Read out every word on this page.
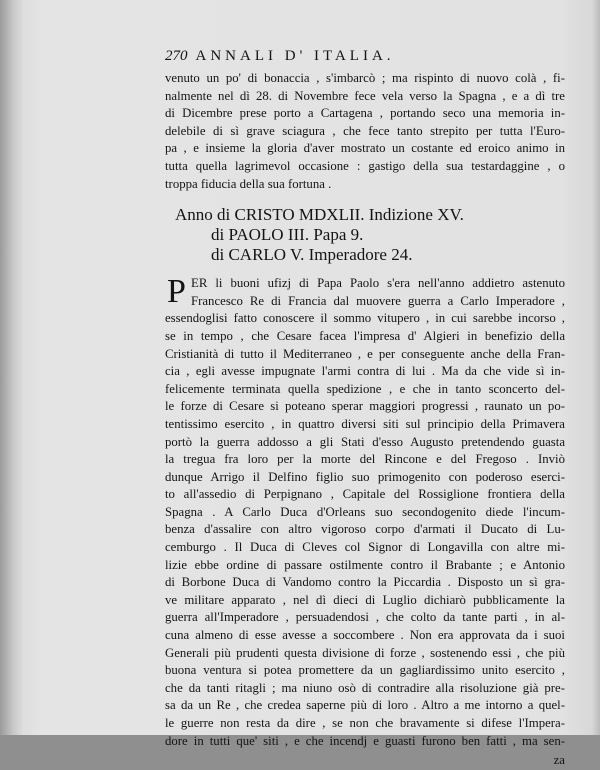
270 ANNALI D' ITALIA.
venuto un po' di bonaccia , s'imbarcò ; ma rispinto di nuovo colà , fi-
nalmente nel dì 28. di Novembre fece vela verso la Spagna , e a dì tre
di Dicembre prese porto a Cartagena , portando seco una memoria in-
delebile di sì grave sciagura , che fece tanto strepito per tutta l'Euro-
pa , e insieme la gloria d'aver mostrato un costante ed eroico animo in
tutta quella lagrimevol occasione : gastigo della sua testardaggine , o
troppa fiducia della sua fortuna .
Anno di CRISTO MDXLII. Indizione XV.
di PAOLO III. Papa 9.
di CARLO V. Imperadore 24.
P ER li buoni ufizj di Papa Paolo s'era nell'anno addietro astenuto
Francesco Re di Francia dal muovere guerra a Carlo Imperadore ,
essendoglisi fatto conoscere il sommo vitupero , in cui sarebbe incorso ,
se in tempo , che Cesare facea l'impresa d' Algieri in benefizio della
Cristianità di tutto il Mediterraneo , e per conseguente anche della Fran-
cia , egli avesse impugnate l'armi contra di lui . Ma da che vide sì in-
felicemente terminata quella spedizione , e che in tanto sconcerto del-
le forze di Cesare si poteano sperar maggiori progressi , raunato un po-
tentissimo esercito , in quattro diversi siti sul principio della Primavera
portò la guerra addosso a gli Stati d'esso Augusto pretendendo guasta
la tregua fra loro per la morte del Rincone e del Fregoso . Inviò
dunque Arrigo il Delfino figlio suo primogenito con poderoso eserci-
to all'assedio di Perpignano , Capitale del Rossiglione frontiera della
Spagna . A Carlo Duca d'Orleans suo secondogenito diede l'incum-
benza d'assalire con altro vigoroso corpo d'armati il Ducato di Lu-
cemburgo . Il Duca di Cleves col Signor di Longavilla con altre mi-
lizie ebbe ordine di passare ostilmente contro il Brabante ; e Antonio
di Borbone Duca di Vandomo contro la Piccardia . Dispostο un sì gra-
ve militare apparato , nel dì dieci di Luglio dichiarò pubblicamente la
guerra all'Imperadore , persuadendosi , che colto da tante parti , in al-
cuna almeno di esse avesse a soccombere . Non era approvata da i suoi
Generali più prudenti questa divisione di forze , sostenendo essi , che più
buona ventura si potea promettere da un gagliardissimo unito esercito ,
che da tanti ritagli ; ma niuno osò di contradire alla risoluzione già pre-
sa da un Re , che credea saperne più di loro . Altro a me intorno a quel-
le guerre non resta da dire , se non che bravamente si difese l'Impera-
dore in tutti que' siti , e che incendj e guasti furono ben fatti , ma sen-
za
